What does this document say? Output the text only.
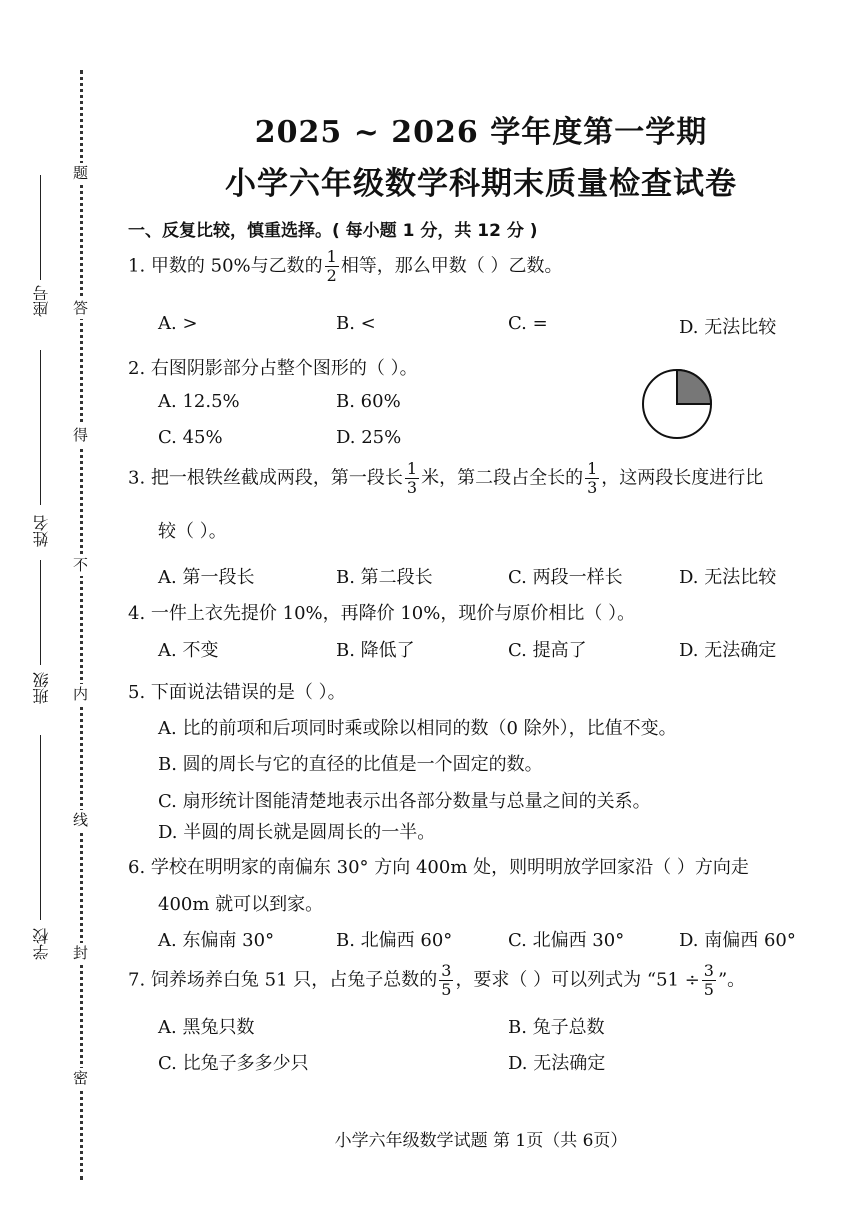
题
答
得
不
内
线
封
密
座号
姓名
班级
学校
2025 ~ 2026 学年度第一学期
小学六年级数学科期末质量检查试卷
一、反复比较，慎重选择。( 每小题 1 分，共 12 分 )
1. 甲数的 50%与乙数的 $\frac{1}{2}$ 相等，那么甲数（ ）乙数。
A. >	B. <	C. =	D. 无法比较
2. 右图阴影部分占整个图形的（ ）。
A. 12.5%	B. 60%
C. 45%	D. 25%
3. 把一根铁丝截成两段，第一段长 $\frac{1}{3}$ 米，第二段占全长的 $\frac{1}{3}$ ，这两段长度进行比
较（ ）。
A. 第一段长	B. 第二段长	C. 两段一样长	D. 无法比较
4. 一件上衣先提价 10%，再降价 10%，现价与原价相比（ ）。
A. 不变	B. 降低了	C. 提高了	D. 无法确定
5. 下面说法错误的是（ ）。
A. 比的前项和后项同时乘或除以相同的数（0 除外），比值不变。
B. 圆的周长与它的直径的比值是一个固定的数。
C. 扇形统计图能清楚地表示出各部分数量与总量之间的关系。
D. 半圆的周长就是圆周长的一半。
6. 学校在明明家的南偏东 30° 方向 400m 处，则明明放学回家沿（ ）方向走
400m 就可以到家。
A. 东偏南 30°	B. 北偏西 60°	C. 北偏西 30°	D. 南偏西 60°
7. 饲养场养白兔 51 只，占兔子总数的 $\frac{3}{5}$ ，要求（ ）可以列式为 “$51 \div \frac{3}{5}$ ”。
A. 黑兔只数	B. 兔子总数
C. 比兔子多多少只	D. 无法确定
小学六年级数学试题 第 1页（共 6页）
